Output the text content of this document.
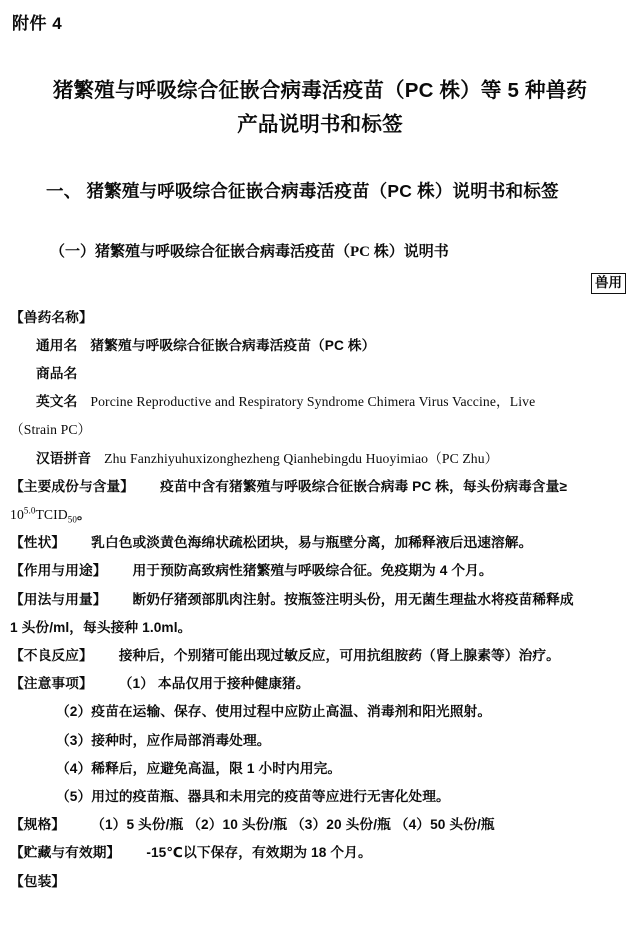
附件 4
猪繁殖与呼吸综合征嵌合病毒活疫苗（PC 株）等 5 种兽药
产品说明书和标签
一、 猪繁殖与呼吸综合征嵌合病毒活疫苗（PC 株）说明书和标签
（一）猪繁殖与呼吸综合征嵌合病毒活疫苗（PC 株）说明书
兽用

【兽药名称】

通用名 猪繁殖与呼吸综合征嵌合病毒活疫苗（PC 株）

商品名

英文名 Porcine Reproductive and Respiratory Syndrome Chimera Virus Vaccine，Live

（Strain PC）

汉语拼音 Zhu Fanzhiyuhuxizonghezheng Qianhebingdu Huoyimiao（PC Zhu）

【主要成份与含量】 疫苗中含有猪繁殖与呼吸综合征嵌合病毒 PC 株，每头份病毒含量≥

$10^{5.0}TCID_{50}$。

【性状】 乳白色或淡黄色海绵状疏松团块，易与瓶壁分离，加稀释液后迅速溶解。

【作用与用途】 用于预防高致病性猪繁殖与呼吸综合征。免疫期为 4 个月。

【用法与用量】 断奶仔猪颈部肌肉注射。按瓶签注明头份，用无菌生理盐水将疫苗稀释成

1 头份/ml，每头接种 1.0ml。

【不良反应】 接种后，个别猪可能出现过敏反应，可用抗组胺药（肾上腺素等）治疗。

【注意事项】 （1） 本品仅用于接种健康猪。

（2）疫苗在运输、保存、使用过程中应防止高温、消毒剂和阳光照射。

（3）接种时，应作局部消毒处理。

（4）稀释后，应避免高温，限 1 小时内用完。

（5）用过的疫苗瓶、器具和未用完的疫苗等应进行无害化处理。

【规格】 （1）5 头份/瓶 （2）10 头份/瓶 （3）20 头份/瓶 （4）50 头份/瓶

【贮藏与有效期】 -15℃以下保存，有效期为 18 个月。

【包装】
